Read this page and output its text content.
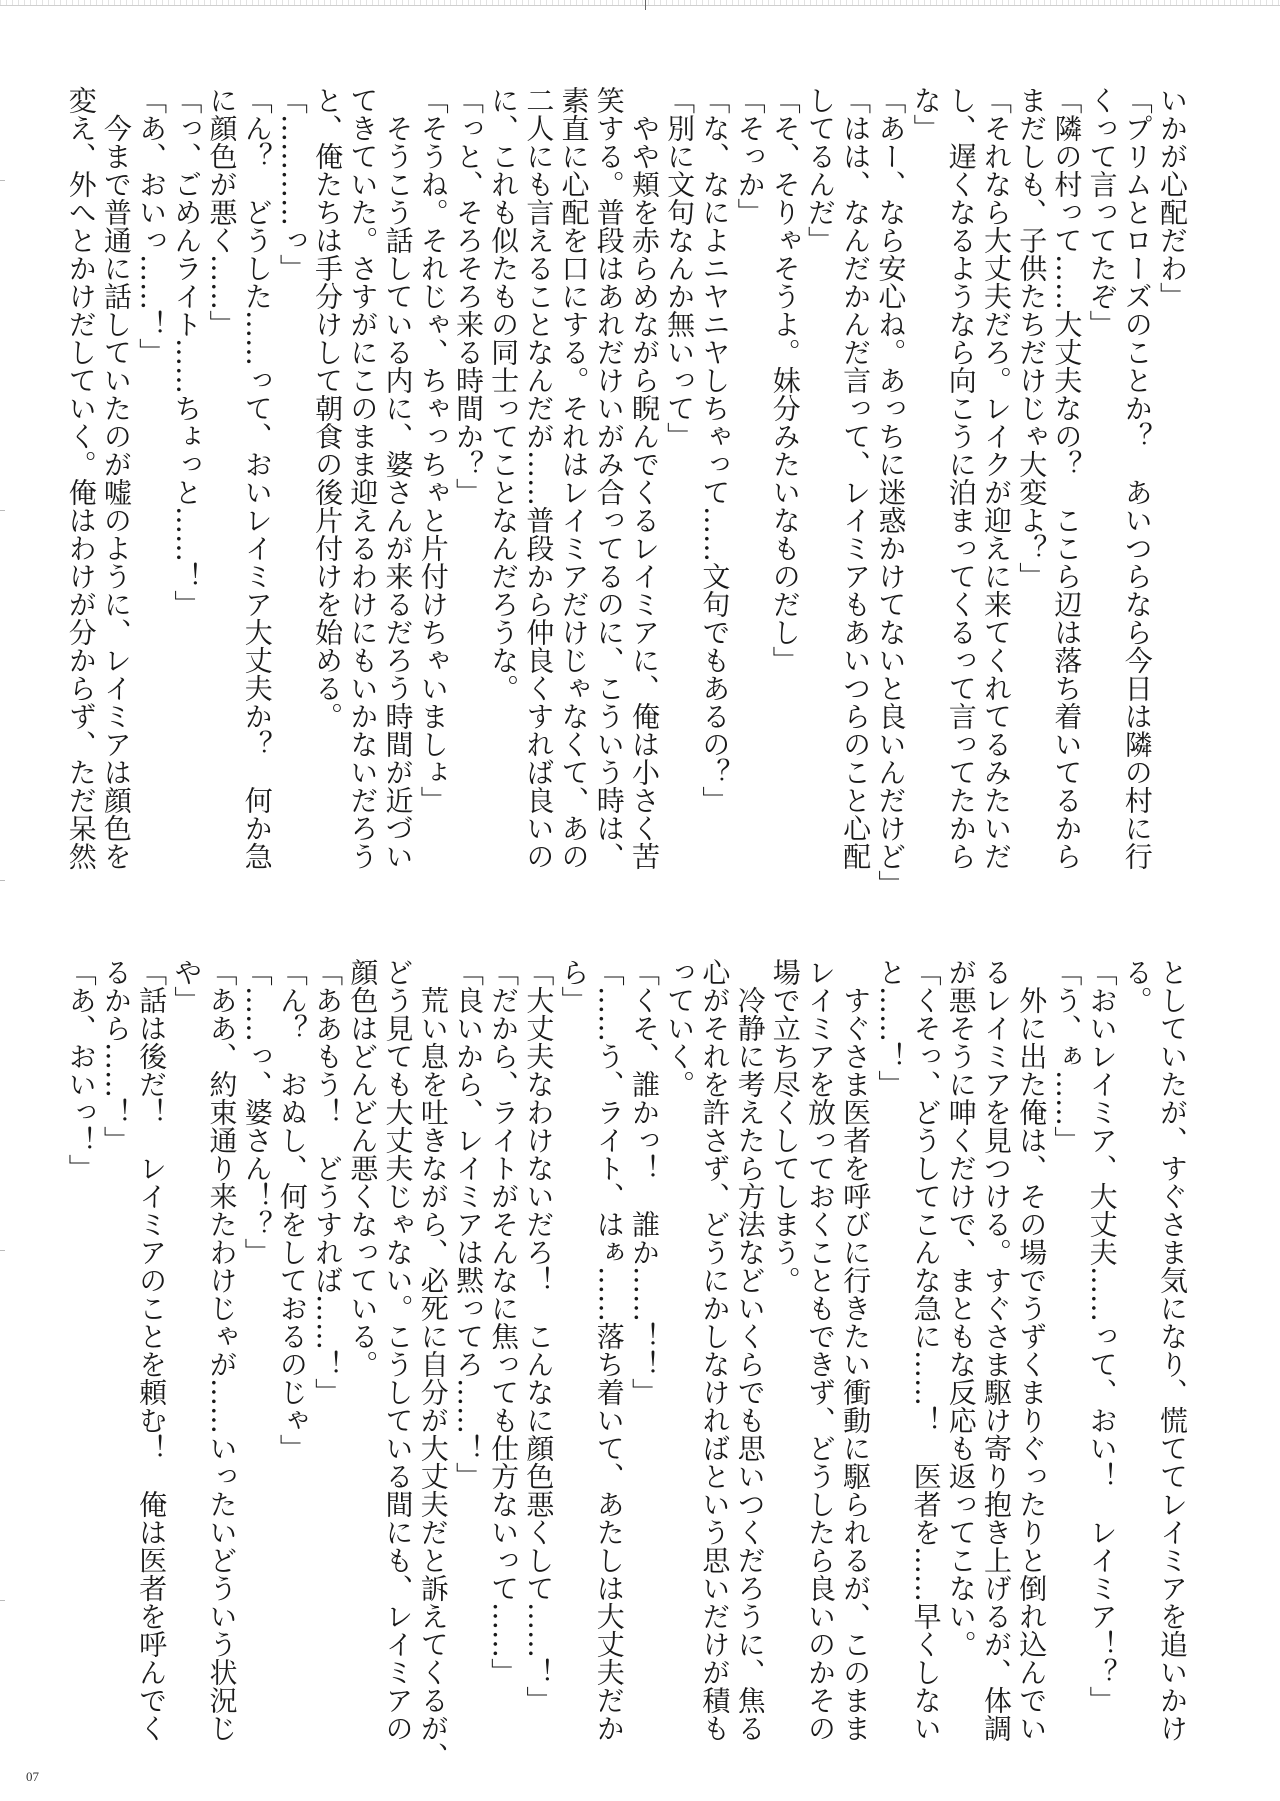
いかが心配だわ」
「プリムとローズのことか？　あいつらなら今日は隣の村に行
くって言ってたぞ」
「隣の村って……大丈夫なの？　ここら辺は落ち着いてるから
まだしも、子供たちだけじゃ大変よ？」
「それなら大丈夫だろ。レイクが迎えに来てくれてるみたいだ
し、遅くなるようなら向こうに泊まってくるって言ってたから
な」
「あー、なら安心ね。あっちに迷惑かけてないと良いんだけど」
「はは、なんだかんだ言って、レイミアもあいつらのこと心配
してるんだ」
「そ、そりゃそうよ。妹分みたいなものだし」
「そっか」
「な、なによニヤニヤしちゃって……文句でもあるの？」
「別に文句なんか無いって」
　やや頬を赤らめながら睨んでくるレイミアに、俺は小さく苦
笑する。普段はあれだけいがみ合ってるのに、こういう時は、
素直に心配を口にする。それはレイミアだけじゃなくて、あの
二人にも言えることなんだが……普段から仲良くすれば良いの
に、これも似たもの同士ってことなんだろうな。
「っと、そろそろ来る時間か？」
「そうね。それじゃ、ちゃっちゃと片付けちゃいましょ」
　そうこう話している内に、婆さんが来るだろう時間が近づい
てきていた。さすがにこのまま迎えるわけにもいかないだろう
と、俺たちは手分けして朝食の後片付けを始める。
「…………っ」
「ん？　どうした……って、おいレイミア大丈夫か？　何か急
に顔色が悪く……」
「っ、ごめんライト……ちょっと……！」
「あ、おいっ……！」
　今まで普通に話していたのが嘘のように、レイミアは顔色を
変え、外へとかけだしていく。俺はわけが分からず、ただ呆然
としていたが、すぐさま気になり、慌ててレイミアを追いかけ
る。
「おいレイミア、大丈夫……って、おい！　レイミア！？」
「う、ぁ……」
　外に出た俺は、その場でうずくまりぐったりと倒れ込んでい
るレイミアを見つける。すぐさま駆け寄り抱き上げるが、体調
が悪そうに呻くだけで、まともな反応も返ってこない。
「くそっ、どうしてこんな急に……！　医者を……早くしない
と……！」
　すぐさま医者を呼びに行きたい衝動に駆られるが、このまま
レイミアを放っておくこともできず、どうしたら良いのかその
場で立ち尽くしてしまう。
　冷静に考えたら方法などいくらでも思いつくだろうに、焦る
心がそれを許さず、どうにかしなければという思いだけが積も
っていく。
「くそ、誰かっ！　誰か……！！」
「……う、ライト、はぁ……落ち着いて、あたしは大丈夫だか
ら」
「大丈夫なわけないだろ！　こんなに顔色悪くして……！」
「だから、ライトがそんなに焦っても仕方ないって……」
「良いから、レイミアは黙ってろ……！」
　荒い息を吐きながら、必死に自分が大丈夫だと訴えてくるが、
どう見ても大丈夫じゃない。こうしている間にも、レイミアの
顔色はどんどん悪くなっている。
「ああもう！　どうすれば……！」
「ん？　おぬし、何をしておるのじゃ」
「……っ、婆さん！？」
「ああ、約束通り来たわけじゃが……いったいどういう状況じ
や」
「話は後だ！　レイミアのことを頼む！　俺は医者を呼んでく
るから……！」
「あ、おいっ！」
07
